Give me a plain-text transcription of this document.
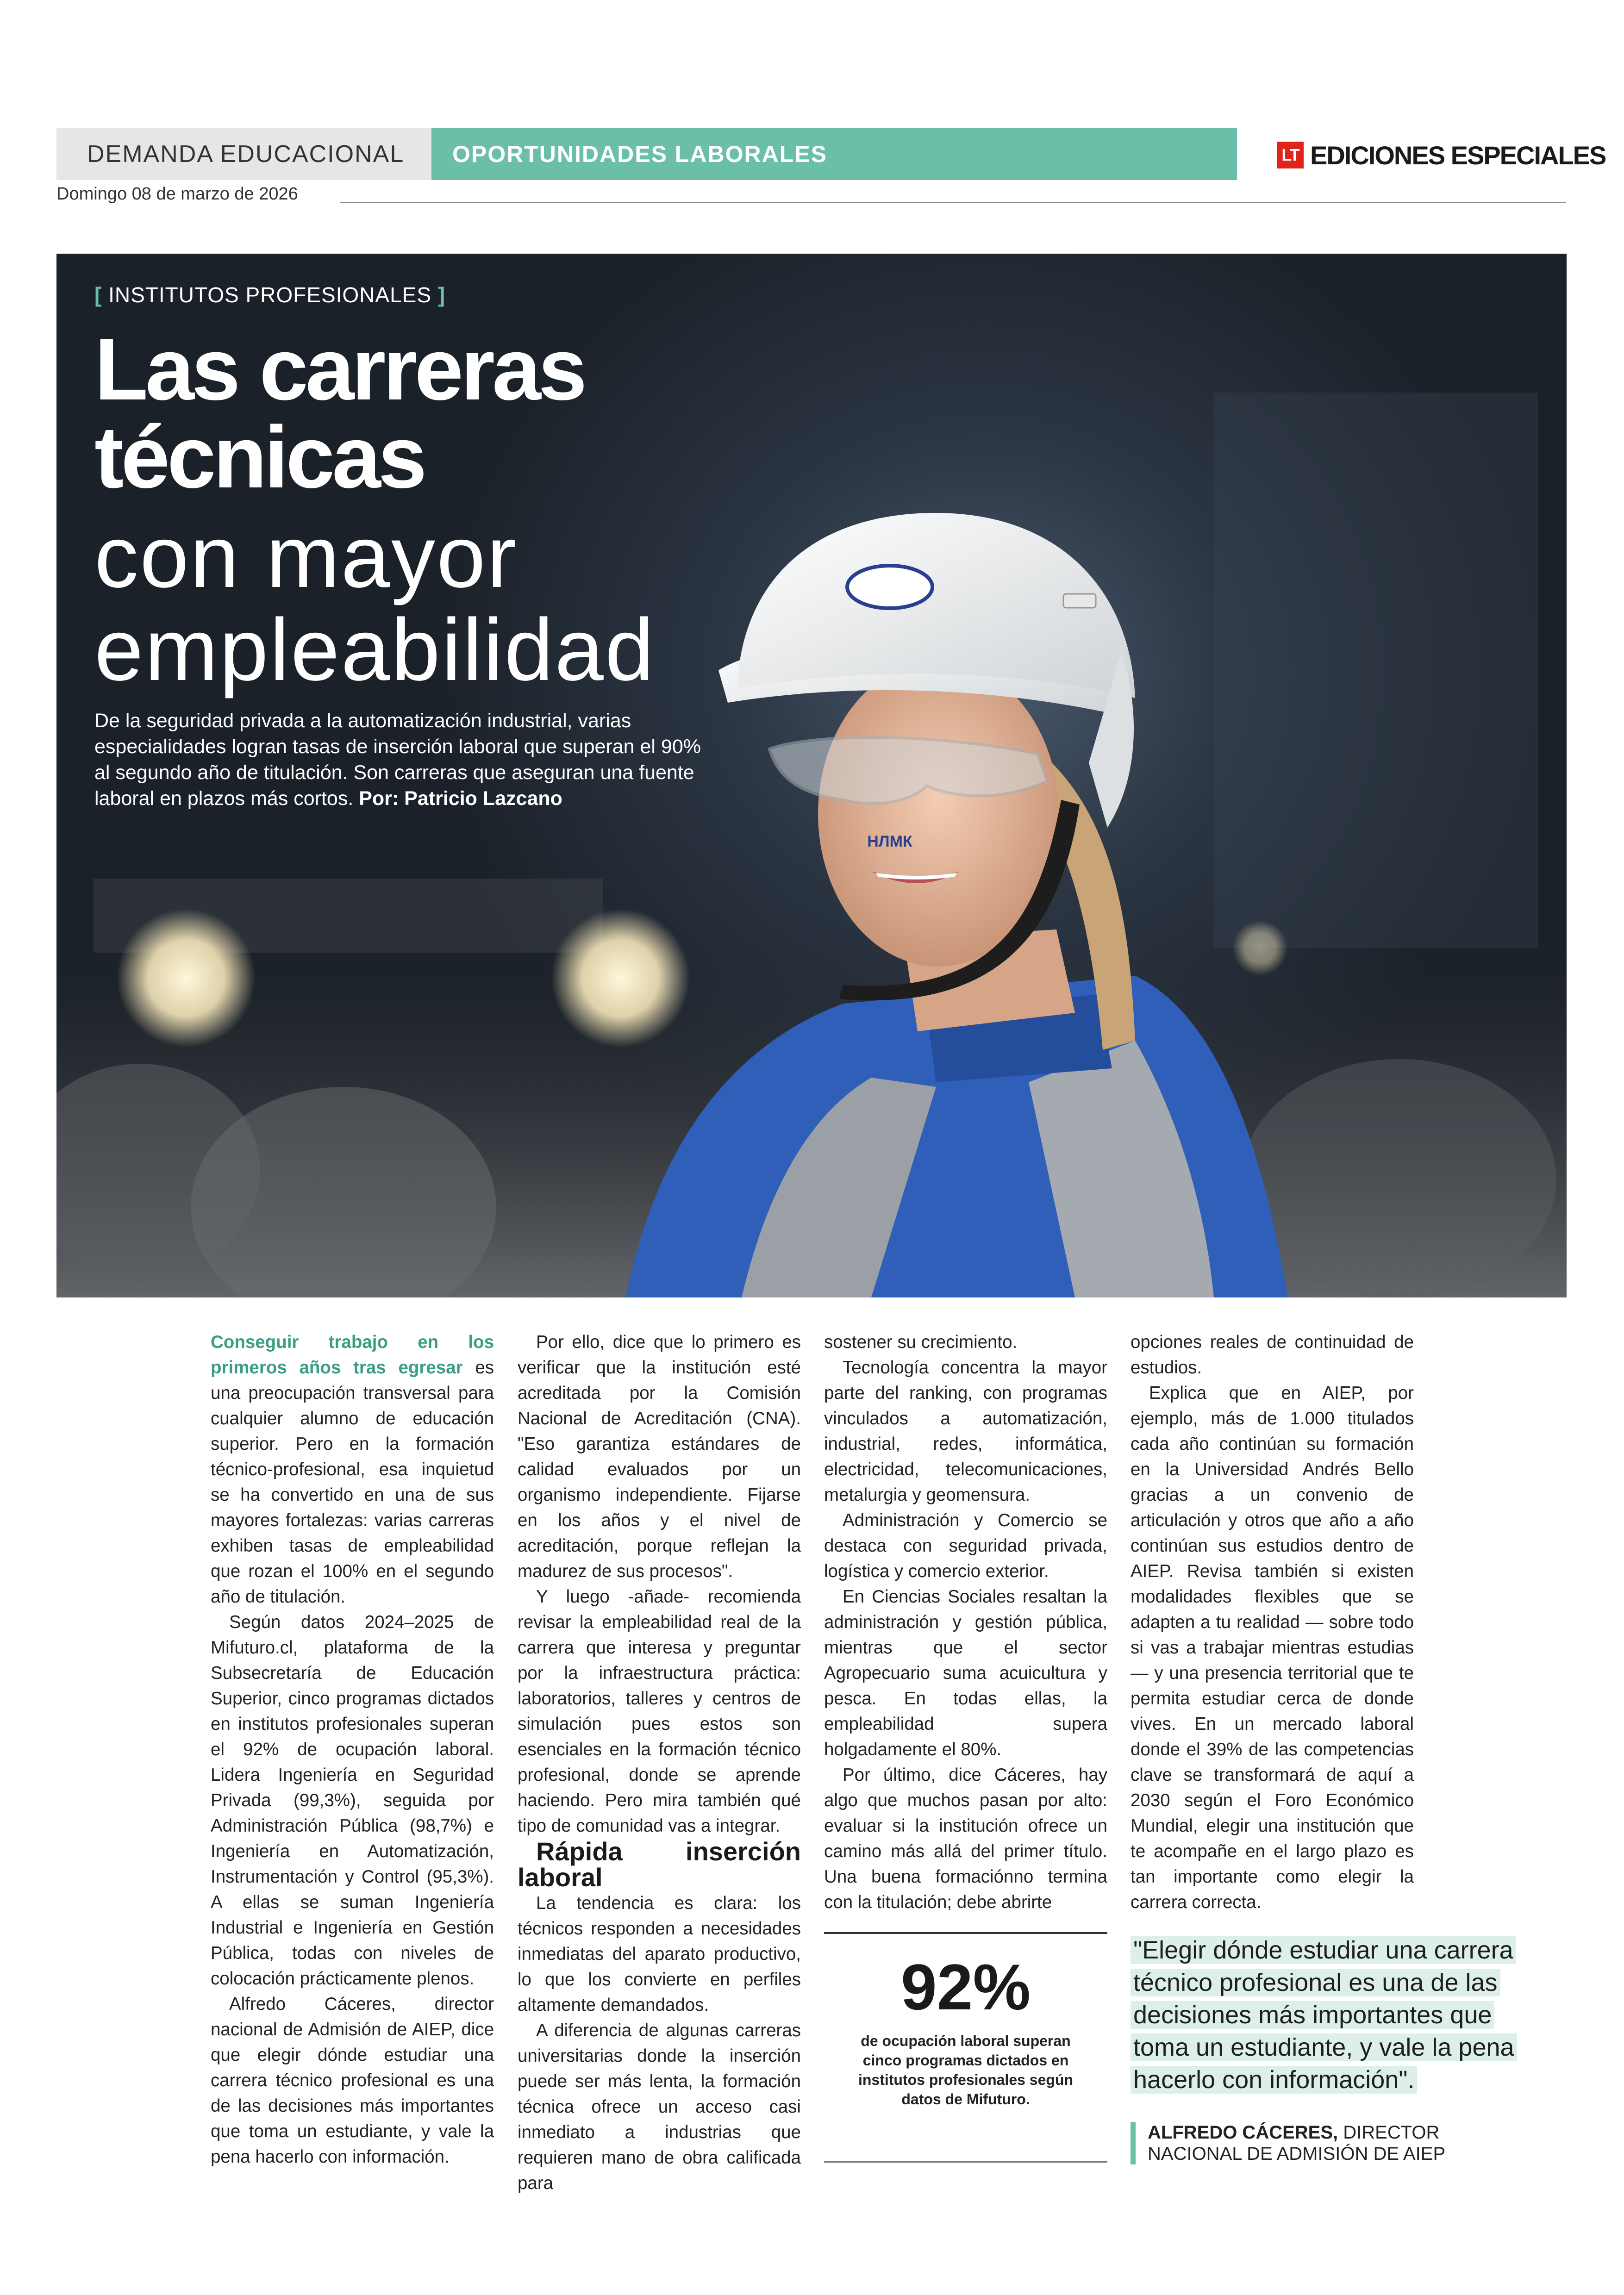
DEMANDA EDUCACIONAL	OPORTUNIDADES LABORALES	LT EDICIONES ESPECIALES
Domingo 08 de marzo de 2026
НЛМК
[ INSTITUTOS PROFESIONALES ]
Las carreras
técnicas
con mayor
empleabilidad
De la seguridad privada a la automatización industrial, varias especialidades logran tasas de inserción laboral que superan el 90% al segundo año de titulación. Son carreras que aseguran una fuente laboral en plazos más cortos. Por: Patricio Lazcano

Conseguir trabajo en los primeros años tras egresar es una preocupación transversal para cualquier alumno de educación superior. Pero en la formación técnico-profesional, esa inquietud se ha convertido en una de sus mayores fortalezas: varias carreras exhiben tasas de empleabilidad que rozan el 100% en el segundo año de titulación.

Según datos 2024–2025 de Mifuturo.cl, plataforma de la Subsecretaría de Educación Superior, cinco programas dictados en institutos profesionales superan el 92% de ocupación laboral. Lidera Ingeniería en Seguridad Privada (99,3%), seguida por Administración Pública (98,7%) e Ingeniería en Automatización, Instrumentación y Control (95,3%). A ellas se suman Ingeniería Industrial e Ingeniería en Gestión Pública, todas con niveles de colocación prácticamente plenos.

Alfredo Cáceres, director nacional de Admisión de AIEP, dice que elegir dónde estudiar una carrera técnico profesional es una de las decisiones más importantes que toma un estudiante, y vale la pena hacerlo con información.

Por ello, dice que lo primero es verificar que la institución esté acreditada por la Comisión Nacional de Acreditación (CNA). "Eso garantiza estándares de calidad evaluados por un organismo independiente. Fijarse en los años y el nivel de acreditación, porque reflejan la madurez de sus procesos".

Y luego -añade- recomienda revisar la empleabilidad real de la carrera que interesa y preguntar por la infraestructura práctica: laboratorios, talleres y centros de simulación pues estos son esenciales en la formación técnico profesional, donde se aprende haciendo. Pero mira también qué tipo de comunidad vas a integrar.

Rápida inserción laboral

La tendencia es clara: los técnicos responden a necesidades inmediatas del aparato productivo, lo que los convierte en perfiles altamente demandados.

A diferencia de algunas carreras universitarias donde la inserción puede ser más lenta, la formación técnica ofrece un acceso casi inmediato a industrias que requieren mano de obra calificada para

sostener su crecimiento.

Tecnología concentra la mayor parte del ranking, con programas vinculados a automatización, industrial, redes, informática, electricidad, telecomunicaciones, metalurgia y geomensura.

Administración y Comercio se destaca con seguridad privada, logística y comercio exterior.

En Ciencias Sociales resaltan la administración y gestión pública, mientras que el sector Agropecuario suma acuicultura y pesca. En todas ellas, la empleabilidad supera holgadamente el 80%.

Por último, dice Cáceres, hay algo que muchos pasan por alto: evaluar si la institución ofrece un camino más allá del primer título. Una buena formaciónno termina con la titulación; debe abrirte

92%
de ocupación laboral superan cinco programas dictados en institutos profesionales según datos de Mifuturo.

opciones reales de continuidad de estudios.

Explica que en AIEP, por ejemplo, más de 1.000 titulados cada año continúan su formación en la Universidad Andrés Bello gracias a un convenio de articulación y otros que año a año continúan sus estudios dentro de AIEP. Revisa también si existen modalidades flexibles que se adapten a tu realidad — sobre todo si vas a trabajar mientras estudias — y una presencia territorial que te permita estudiar cerca de donde vives. En un mercado laboral donde el 39% de las competencias clave se transformará de aquí a 2030 según el Foro Económico Mundial, elegir una institución que te acompañe en el largo plazo es tan importante como elegir la carrera correcta.

"Elegir dónde estudiar una carrera técnico profesional es una de las decisiones más importantes que toma un estudiante, y vale la pena hacerlo con información".
ALFREDO CÁCERES, DIRECTOR
NACIONAL DE ADMISIÓN DE AIEP
